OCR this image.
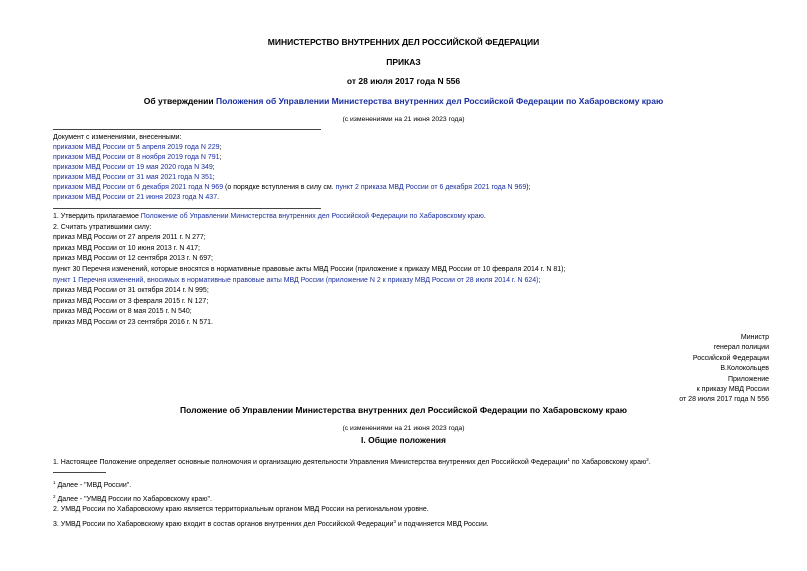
МИНИСТЕРСТВО ВНУТРЕННИХ ДЕЛ РОССИЙСКОЙ ФЕДЕРАЦИИ
ПРИКАЗ
от 28 июля 2017 года N 556
Об утверждении Положения об Управлении Министерства внутренних дел Российской Федерации по Хабаровскому краю
(с изменениями на 21 июня 2023 года)
Документ с изменениями, внесенными:
приказом МВД России от 5 апреля 2019 года N 229;
приказом МВД России от 8 ноября 2019 года N 791;
приказом МВД России от 19 мая 2020 года N 349;
приказом МВД России от 31 мая 2021 года N 351;
приказом МВД России от 6 декабря 2021 года N 969 (о порядке вступления в силу см. пункт 2 приказа МВД России от 6 декабря 2021 года N 969);
приказом МВД России от 21 июня 2023 года N 437.
1. Утвердить прилагаемое Положение об Управлении Министерства внутренних дел Российской Федерации по Хабаровскому краю.
2. Считать утратившими силу:
приказ МВД России от 27 апреля 2011 г. N 277;
приказ МВД России от 10 июня 2013 г. N 417;
приказ МВД России от 12 сентября 2013 г. N 697;
пункт 30 Перечня изменений, которые вносятся в нормативные правовые акты МВД России (приложение к приказу МВД России от 10 февраля 2014 г. N 81);
пункт 1 Перечня изменений, вносимых в нормативные правовые акты МВД России (приложение N 2 к приказу МВД России от 28 июля 2014 г. N 624);
приказ МВД России от 31 октября 2014 г. N 995;
приказ МВД России от 3 февраля 2015 г. N 127;
приказ МВД России от 8 мая 2015 г. N 540;
приказ МВД России от 23 сентября 2016 г. N 571.
Министр
генерал полиции
Российской Федерации
В.Колокольцев
Приложение
к приказу МВД России
от 28 июля 2017 года N 556
Положение об Управлении Министерства внутренних дел Российской Федерации по Хабаровскому краю
(с изменениями на 21 июня 2023 года)
I. Общие положения
1. Настоящее Положение определяет основные полномочия и организацию деятельности Управления Министерства внутренних дел Российской Федерации$^1$ по Хабаровскому краю$^2$.
$^1$ Далее - "МВД России".
$^2$ Далее - "УМВД России по Хабаровскому краю".
2. УМВД России по Хабаровскому краю является территориальным органом МВД России на региональном уровне.
3. УМВД России по Хабаровскому краю входит в состав органов внутренних дел Российской Федерации$^3$ и подчиняется МВД России.
